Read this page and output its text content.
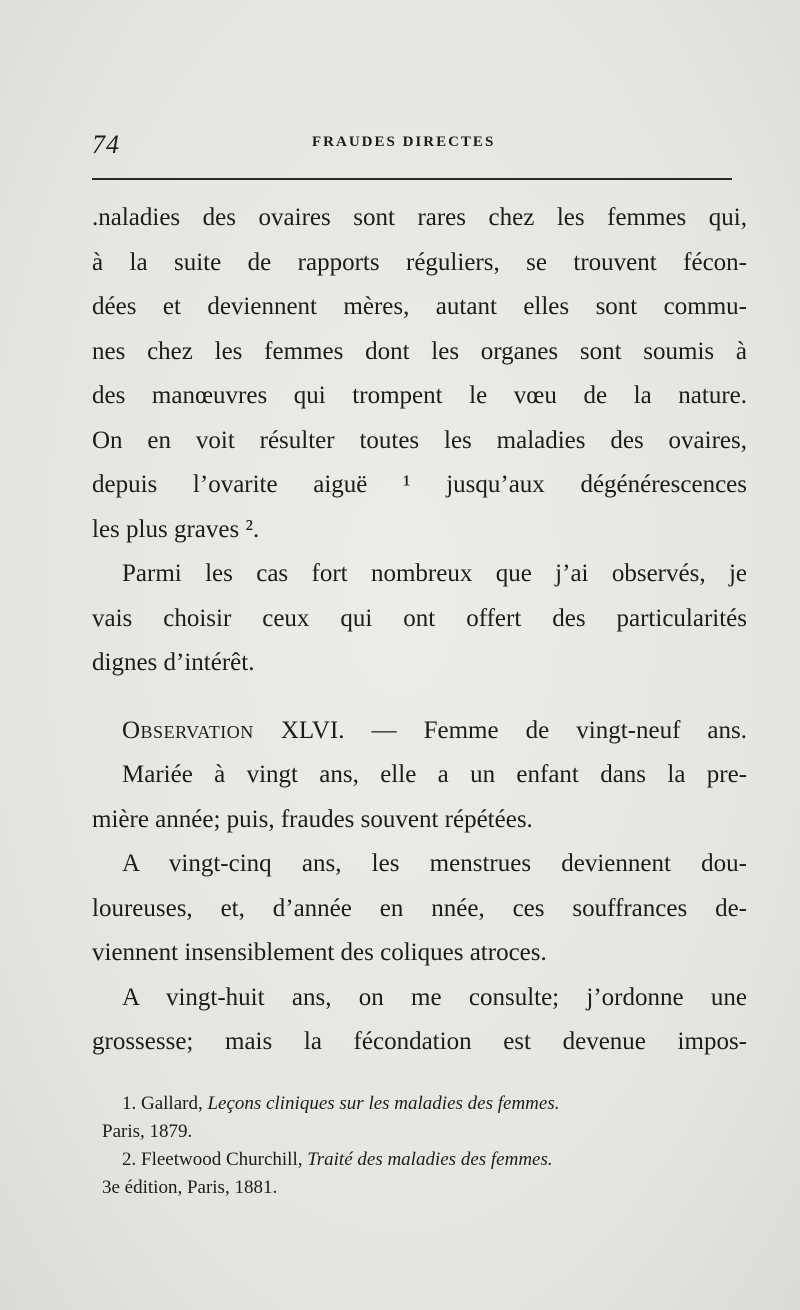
74	FRAUDES DIRECTES
.naladies des ovaires sont rares chez les femmes qui,
à la suite de rapports réguliers, se trouvent fécon-
dées et deviennent mères, autant elles sont commu-
nes chez les femmes dont les organes sont soumis à
des manœuvres qui trompent le vœu de la nature.
On en voit résulter toutes les maladies des ovaires,
depuis l’ovarite aiguë ¹ jusqu’aux dégénérescences
les plus graves ².
Parmi les cas fort nombreux que j’ai observés, je
vais choisir ceux qui ont offert des particularités
dignes d’intérêt.
Observation XLVI. — Femme de vingt-neuf ans.
Mariée à vingt ans, elle a un enfant dans la pre-
mière année; puis, fraudes souvent répétées.
A vingt-cinq ans, les menstrues deviennent dou-
loureuses, et, d’année en nnée, ces souffrances de-
viennent insensiblement des coliques atroces.
A vingt-huit ans, on me consulte; j’ordonne une
grossesse; mais la fécondation est devenue impos-
1. Gallard, Leçons cliniques sur les maladies des femmes.
Paris, 1879.
2. Fleetwood Churchill, Traité des maladies des femmes.
3e édition, Paris, 1881.
